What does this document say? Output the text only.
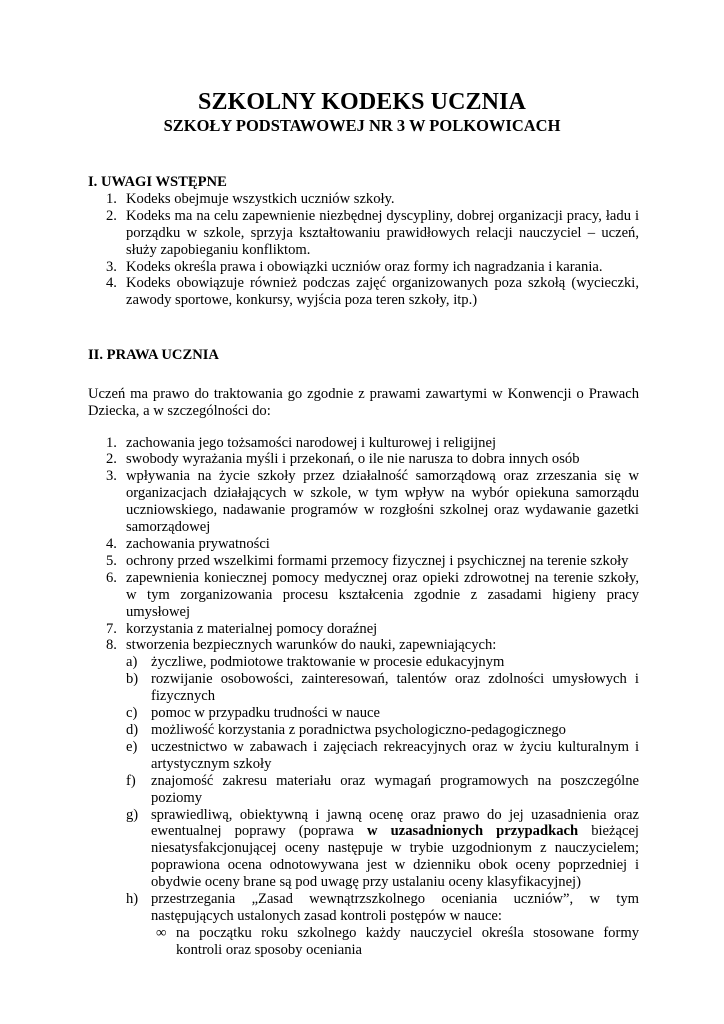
SZKOLNY KODEKS UCZNIA
SZKOŁY PODSTAWOWEJ NR 3 W POLKOWICACH

I. UWAGI WSTĘPNE

1. Kodeks obejmuje wszystkich uczniów szkoły.
2. Kodeks ma na celu zapewnienie niezbędnej dyscypliny, dobrej organizacji pracy, ładu i porządku w szkole, sprzyja kształtowaniu prawidłowych relacji nauczyciel – uczeń, służy zapobieganiu konfliktom.
3. Kodeks określa prawa i obowiązki uczniów oraz formy ich nagradzania i karania.
4. Kodeks obowiązuje również podczas zajęć organizowanych poza szkołą (wycieczki, zawody sportowe, konkursy, wyjścia poza teren szkoły, itp.)

II. PRAWA UCZNIA

Uczeń ma prawo do traktowania go zgodnie z prawami zawartymi w Konwencji o Prawach Dziecka, a w szczególności do:

1. zachowania jego tożsamości narodowej i kulturowej i religijnej
2. swobody wyrażania myśli i przekonań, o ile nie narusza to dobra innych osób
3. wpływania na życie szkoły przez działalność samorządową oraz zrzeszania się w organizacjach działających w szkole, w tym wpływ na wybór opiekuna samorządu uczniowskiego, nadawanie programów w rozgłośni szkolnej oraz wydawanie gazetki samorządowej
4. zachowania prywatności
5. ochrony przed wszelkimi formami przemocy fizycznej i psychicznej na terenie szkoły
6. zapewnienia koniecznej pomocy medycznej oraz opieki zdrowotnej na terenie szkoły, w tym zorganizowania procesu kształcenia zgodnie z zasadami higieny pracy umysłowej
7. korzystania z materialnej pomocy doraźnej
8. stworzenia bezpiecznych warunków do nauki, zapewniających:
a) życzliwe, podmiotowe traktowanie w procesie edukacyjnym
b) rozwijanie osobowości, zainteresowań, talentów oraz zdolności umysłowych i fizycznych
c) pomoc w przypadku trudności w nauce
d) możliwość korzystania z poradnictwa psychologiczno-pedagogicznego
e) uczestnictwo w zabawach i zajęciach rekreacyjnych oraz w życiu kulturalnym i artystycznym szkoły
f) znajomość zakresu materiału oraz wymagań programowych na poszczególne poziomy
g) sprawiedliwą, obiektywną i jawną ocenę oraz prawo do jej uzasadnienia oraz ewentualnej poprawy (poprawa w uzasadnionych przypadkach bieżącej niesatysfakcjonującej oceny następuje w trybie uzgodnionym z nauczycielem; poprawiona ocena odnotowywana jest w dzienniku obok oceny poprzedniej i obydwie oceny brane są pod uwagę przy ustalaniu oceny klasyfikacyjnej)
h) przestrzegania „Zasad wewnątrzszkolnego oceniania uczniów”, w tym następujących ustalonych zasad kontroli postępów w nauce:
∞ na początku roku szkolnego każdy nauczyciel określa stosowane formy kontroli oraz sposoby oceniania
